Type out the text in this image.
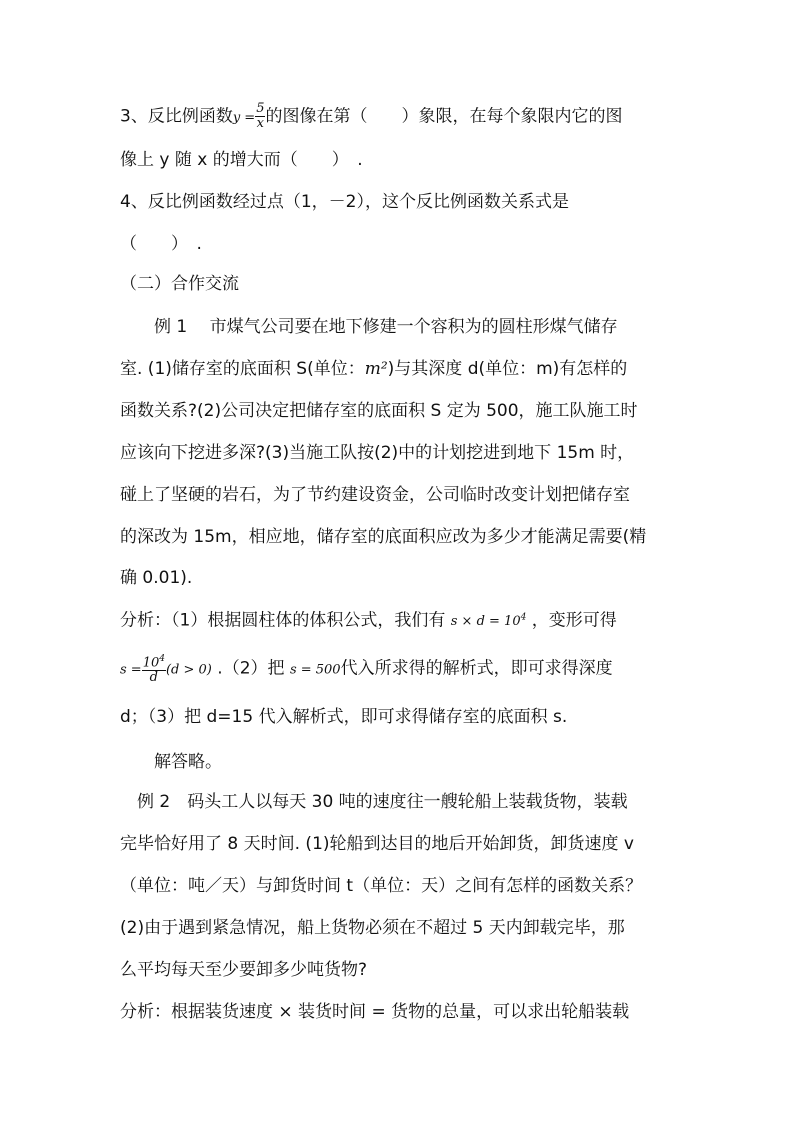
3、反比例函数$y = \frac{5}{x}$ 的图像在第（　　）象限，在每个象限内它的图
像上 y 随 x 的增大而（　　）　.
4、反比例函数经过点（1，－2），这个反比例函数关系式是
（　　）　.
（二）合作交流
　　例 1　 市煤气公司要在地下修建一个容积为的圆柱形煤气储存
室. (1)储存室的底面积 S(单位：m²)与其深度 d(单位：m)有怎样的
函数关系?(2)公司决定把储存室的底面积 S 定为 500，施工队施工时
应该向下挖进多深?(3)当施工队按(2)中的计划挖进到地下 15m 时，
碰上了坚硬的岩石，为了节约建设资金，公司临时改变计划把储存室
的深改为 15m，相应地，储存室的底面积应改为多少才能满足需要(精
确 0.01).
分析：（1）根据圆柱体的体积公式，我们有 $s \times d = 10^4$ ，变形可得
$s = \frac{10^4}{d} (d > 0)$ .（2）把 s = 500代入所求得的解析式，即可求得深度
d；（3）把 d=15 代入解析式，即可求得储存室的底面积 s.
　　解答略。
　例 2　码头工人以每天 30 吨的速度往一艘轮船上装载货物，装载
完毕恰好用了 8 天时间. (1)轮船到达目的地后开始卸货，卸货速度 v
（单位：吨／天）与卸货时间 t（单位：天）之间有怎样的函数关系？
(2)由于遇到紧急情况，船上货物必须在不超过 5 天内卸载完毕，那
么平均每天至少要卸多少吨货物?
分析：根据装货速度 × 装货时间 = 货物的总量，可以求出轮船装载
